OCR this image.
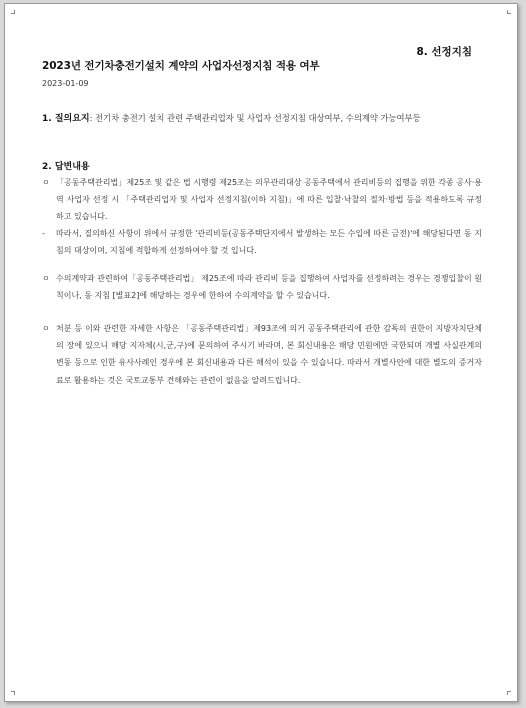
8. 선정지침
2023년 전기차충전기설치 계약의 사업자선정지침 적용 여부
2023-01-09
1. 질의요지: 전기차 충전기 설치 관련 주택관리업자 및 사업자 선정지침 대상여부, 수의계약 가능여부등
2. 답변내용
ㅇ 「공동주택관리법」제25조 및 같은 법 시행령 제25조는 의무관리대상 공동주택에서 관리비등의 집행을 위한 각종 공사·용역 사업자 선정 시 「주택관리업자 및 사업자 선정지침(이하 지침)」에 따른 입찰·낙찰의 절차·방법 등을 적용하도록 규정하고 있습니다.
-	따라서, 질의하신 사항이 위에서 규정한 '관리비등(공동주택단지에서 발생하는 모든 수입에 따른 금전)'에 해당된다면 동 지침의 대상이며, 지침에 적합하게 선정하여야 할 것 입니다.
ㅇ 수의계약과 관련하여「공동주택관리법」 제25조에 따라 관리비 등을 집행하여 사업자를 선정하려는 경우는 경쟁입찰이 원칙이나, 동 지침 [별표2]에 해당하는 경우에 한하여 수의계약을 할 수 있습니다.
ㅇ 처분 등 이와 관련한 자세한 사항은 「공동주택관리법」제93조에 의거 공동주택관리에 관한 감독의 권한이 지방자치단체의 장에 있으니 해당 지자체(시,군,구)에 문의하여 주시기 바라며, 본 회신내용은 해당 민원에만 국한되며 개별 사실관계의 변동 등으로 인한 유사사례인 경우에 본 회신내용과 다른 해석이 있을 수 있습니다. 따라서 개별사안에 대한 별도의 증거자료로 활용하는 것은 국토교통부 견해와는 관련이 없음을 알려드립니다.
